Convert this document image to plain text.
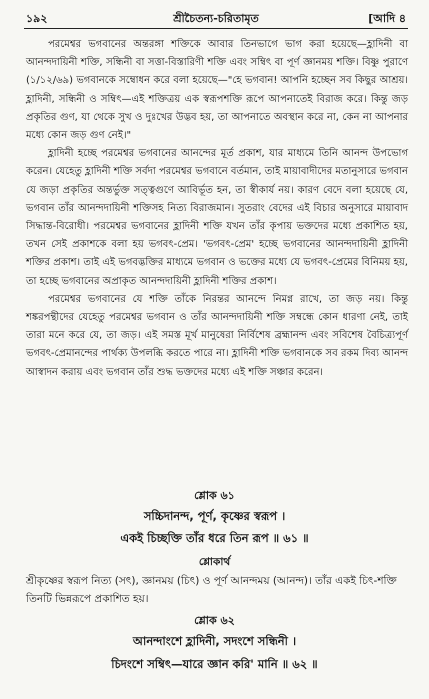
১৯২	শ্রীচৈতন্য-চরিতামৃত	[আদি ৪

পরমেশ্বর ভগবানের অন্তরঙ্গা শক্তিকে আবার তিনভাগে ভাগ করা হয়েছে—হ্লাদিনী বা আনন্দদায়িনী শক্তি, সন্ধিনী বা সত্তা-বিস্তারিণী শক্তি এবং সম্বিৎ বা পূর্ণ জ্ঞানময় শক্তি। বিষ্ণু পুরাণে (১/১২/৬৯) ভগবানকে সম্বোধন করে বলা হয়েছে—"হে ভগবান! আপনি হচ্ছেন সব কিছুর আশ্রয়। হ্লাদিনী, সন্ধিনী ও সম্বিৎ—এই শক্তিত্রয় এক স্বরূপশক্তি রূপে আপনাতেই বিরাজ করে। কিন্তু জড় প্রকৃতির গুণ, যা থেকে সুখ ও দুঃখের উদ্ভব হয়, তা আপনাতে অবস্থান করে না, কেন না আপনার মধ্যে কোন জড় গুণ নেই।"

হ্লাদিনী হচ্ছে পরমেশ্বর ভগবানের আনন্দের মূর্ত প্রকাশ, যার মাধ্যমে তিনি আনন্দ উপভোগ করেন। যেহেতু হ্লাদিনী শক্তি সর্বদা পরমেশ্বর ভগবানে বর্তমান, তাই মায়াবাদীদের মতানুসারে ভগবান যে জড়া প্রকৃতির অন্তর্ভুক্ত সত্ত্বগুণে আবির্ভূত হন, তা স্বীকার্য নয়। কারণ বেদে বলা হয়েছে যে, ভগবান তাঁর আনন্দদায়িনী শক্তিসহ নিত্য বিরাজমান। সুতরাং বেদের এই বিচার অনুসারে মায়াবাদ সিদ্ধান্ত-বিরোধী। পরমেশ্বর ভগবানের হ্লাদিনী শক্তি যখন তাঁর কৃপায় ভক্তদের মধ্যে প্রকাশিত হয়, তখন সেই প্রকাশকে বলা হয় ভগবৎ-প্রেম। 'ভগবৎ-প্রেম' হচ্ছে ভগবানের আনন্দদায়িনী হ্লাদিনী শক্তির প্রকাশ। তাই এই ভগবদ্ভক্তির মাধ্যমে ভগবান ও ভক্তের মধ্যে যে ভগবৎ-প্রেমের বিনিময় হয়, তা হচ্ছে ভগবানের অপ্রাকৃত আনন্দদায়িনী হ্লাদিনী শক্তির প্রকাশ।

পরমেশ্বর ভগবানের যে শক্তি তাঁকে নিরন্তর আনন্দে নিমগ্ন রাখে, তা জড় নয়। কিন্তু শঙ্করপন্থীদের যেহেতু পরমেশ্বর ভগবান ও তাঁর আনন্দদায়িনী শক্তি সম্বন্ধে কোন ধারণা নেই, তাই তারা মনে করে যে, তা জড়। এই সমস্ত মূর্খ মানুষেরা নির্বিশেষ ব্রহ্মানন্দ এবং সবিশেষ বৈচিত্র্যপূর্ণ ভগবৎ-প্রেমানন্দের পার্থক্য উপলব্ধি করতে পারে না। হ্লাদিনী শক্তি ভগবানকে সব রকম দিব্য আনন্দ আস্বাদন করায় এবং ভগবান তাঁর শুদ্ধ ভক্তদের মধ্যে এই শক্তি সঞ্চার করেন।

শ্লোক ৬১
সচ্চিদানন্দ, পূর্ণ, কৃষ্ণের স্বরূপ ।
একই চিচ্ছক্তি তাঁর ধরে তিন রূপ ॥ ৬১ ॥
শ্লোকার্থ
শ্রীকৃষ্ণের স্বরূপ নিত্য (সৎ), জ্ঞানময় (চিৎ) ও পূর্ণ আনন্দময় (আনন্দ)। তাঁর একই চিৎ-শক্তি তিনটি ভিন্নরূপে প্রকাশিত হয়।
শ্লোক ৬২
আনন্দাংশে হ্লাদিনী, সদংশে সন্ধিনী ।
চিদংশে সম্বিৎ—যারে জ্ঞান করি' মানি ॥ ৬২ ॥
